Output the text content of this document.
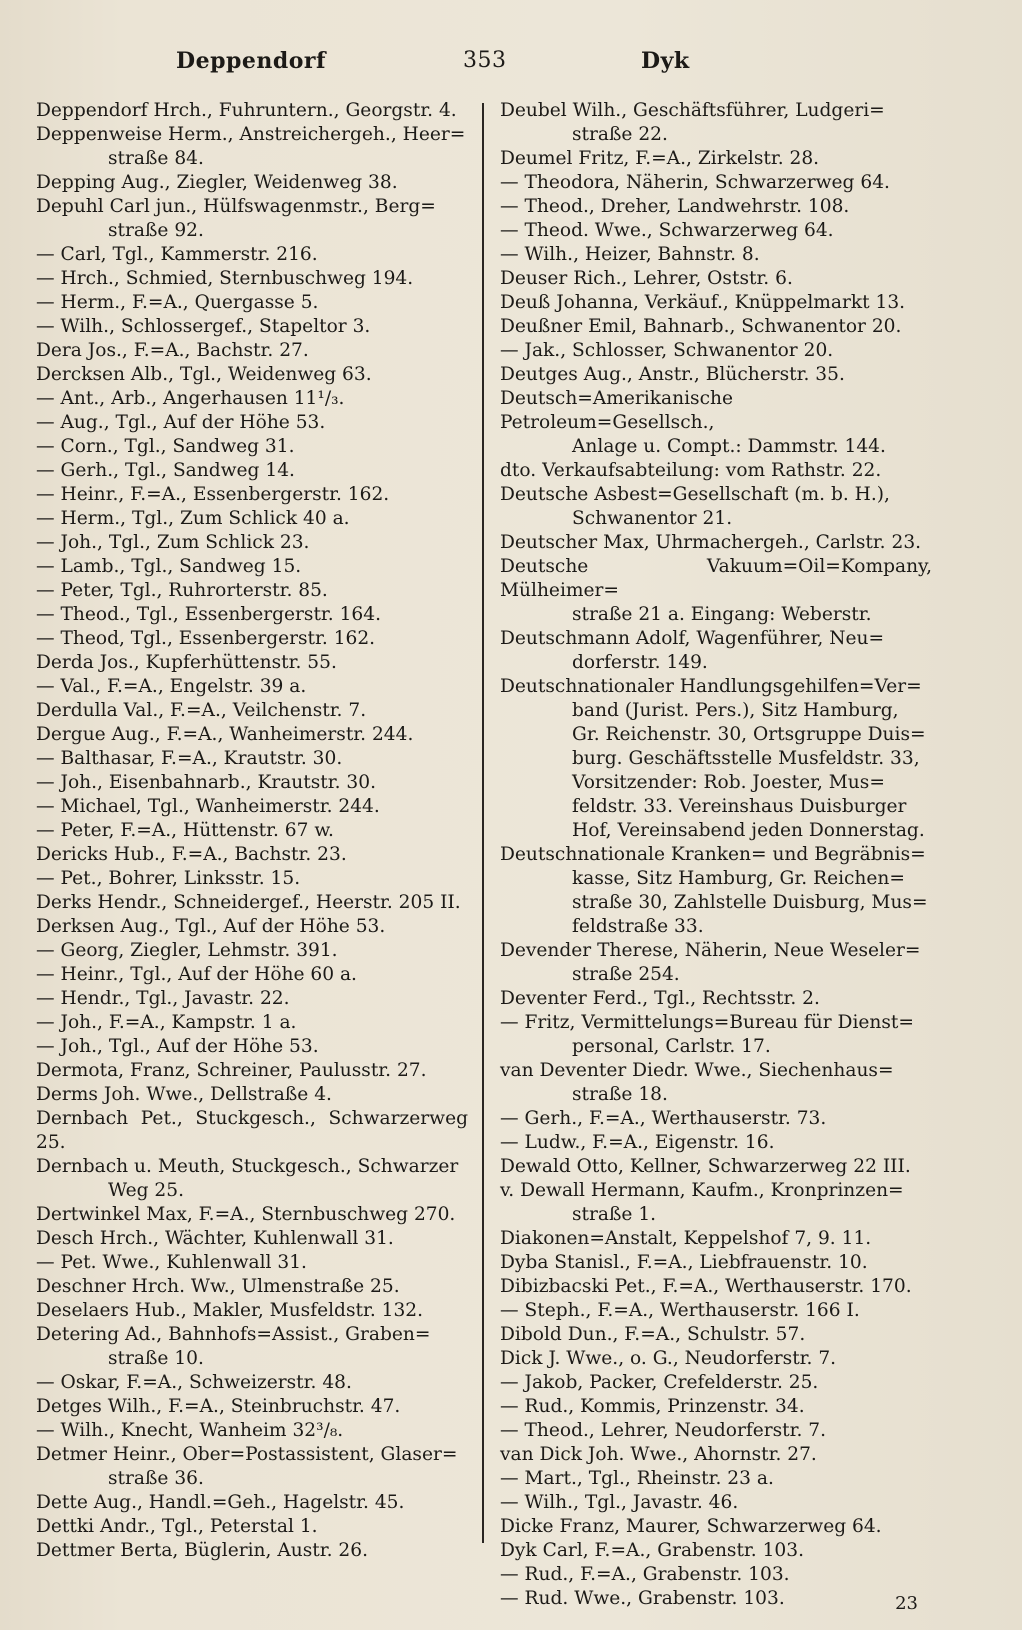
Deppendorf	353	Dyk
Deppendorf Hrch., Fuhruntern., Georgstr. 4.
Deppenweise Herm., Anstreichergeh., Heer=
straße 84.
Depping Aug., Ziegler, Weidenweg 38.
Depuhl Carl jun., Hülfswagenmstr., Berg=
straße 92.
— Carl, Tgl., Kammerstr. 216.
— Hrch., Schmied, Sternbuschweg 194.
— Herm., F.=A., Quergasse 5.
— Wilh., Schlossergef., Stapeltor 3.
Dera Jos., F.=A., Bachstr. 27.
Dercksen Alb., Tgl., Weidenweg 63.
— Ant., Arb., Angerhausen 11¹/₃.
— Aug., Tgl., Auf der Höhe 53.
— Corn., Tgl., Sandweg 31.
— Gerh., Tgl., Sandweg 14.
— Heinr., F.=A., Essenbergerstr. 162.
— Herm., Tgl., Zum Schlick 40 a.
— Joh., Tgl., Zum Schlick 23.
— Lamb., Tgl., Sandweg 15.
— Peter, Tgl., Ruhrorterstr. 85.
— Theod., Tgl., Essenbergerstr. 164.
— Theod, Tgl., Essenbergerstr. 162.
Derda Jos., Kupferhüttenstr. 55.
— Val., F.=A., Engelstr. 39 a.
Derdulla Val., F.=A., Veilchenstr. 7.
Dergue Aug., F.=A., Wanheimerstr. 244.
— Balthasar, F.=A., Krautstr. 30.
— Joh., Eisenbahnarb., Krautstr. 30.
— Michael, Tgl., Wanheimerstr. 244.
— Peter, F.=A., Hüttenstr. 67 w.
Dericks Hub., F.=A., Bachstr. 23.
— Pet., Bohrer, Linksstr. 15.
Derks Hendr., Schneidergef., Heerstr. 205 II.
Derksen Aug., Tgl., Auf der Höhe 53.
— Georg, Ziegler, Lehmstr. 391.
— Heinr., Tgl., Auf der Höhe 60 a.
— Hendr., Tgl., Javastr. 22.
— Joh., F.=A., Kampstr. 1 a.
— Joh., Tgl., Auf der Höhe 53.
Dermota, Franz, Schreiner, Paulusstr. 27.
Derms Joh. Wwe., Dellstraße 4.
Dernbach Pet., Stuckgesch., Schwarzerweg 25.
Dernbach u. Meuth, Stuckgesch., Schwarzer
Weg 25.
Dertwinkel Max, F.=A., Sternbuschweg 270.
Desch Hrch., Wächter, Kuhlenwall 31.
— Pet. Wwe., Kuhlenwall 31.
Deschner Hrch. Ww., Ulmenstraße 25.
Deselaers Hub., Makler, Musfeldstr. 132.
Detering Ad., Bahnhofs=Assist., Graben=
straße 10.
— Oskar, F.=A., Schweizerstr. 48.
Detges Wilh., F.=A., Steinbruchstr. 47.
— Wilh., Knecht, Wanheim 32³/₈.
Detmer Heinr., Ober=Postassistent, Glaser=
straße 36.
Dette Aug., Handl.=Geh., Hagelstr. 45.
Dettki Andr., Tgl., Peterstal 1.
Dettmer Berta, Büglerin, Austr. 26.
Deubel Wilh., Geschäftsführer, Ludgeri=
straße 22.
Deumel Fritz, F.=A., Zirkelstr. 28.
— Theodora, Näherin, Schwarzerweg 64.
— Theod., Dreher, Landwehrstr. 108.
— Theod. Wwe., Schwarzerweg 64.
— Wilh., Heizer, Bahnstr. 8.
Deuser Rich., Lehrer, Oststr. 6.
Deuß Johanna, Verkäuf., Knüppelmarkt 13.
Deußner Emil, Bahnarb., Schwanentor 20.
— Jak., Schlosser, Schwanentor 20.
Deutges Aug., Anstr., Blücherstr. 35.
Deutsch=Amerikanische Petroleum=Gesellsch.,
Anlage u. Compt.: Dammstr. 144.
dto. Verkaufsabteilung: vom Rathstr. 22.
Deutsche Asbest=Gesellschaft (m. b. H.),
Schwanentor 21.
Deutscher Max, Uhrmachergeh., Carlstr. 23.
Deutsche Vakuum=Oil=Kompany, Mülheimer=
straße 21 a. Eingang: Weberstr.
Deutschmann Adolf, Wagenführer, Neu=
dorferstr. 149.
Deutschnationaler Handlungsgehilfen=Ver=
band (Jurist. Pers.), Sitz Hamburg,
Gr. Reichenstr. 30, Ortsgruppe Duis=
burg. Geschäftsstelle Musfeldstr. 33,
Vorsitzender: Rob. Joester, Mus=
feldstr. 33. Vereinshaus Duisburger
Hof, Vereinsabend jeden Donnerstag.
Deutschnationale Kranken= und Begräbnis=
kasse, Sitz Hamburg, Gr. Reichen=
straße 30, Zahlstelle Duisburg, Mus=
feldstraße 33.
Devender Therese, Näherin, Neue Weseler=
straße 254.
Deventer Ferd., Tgl., Rechtsstr. 2.
— Fritz, Vermittelungs=Bureau für Dienst=
personal, Carlstr. 17.
van Deventer Diedr. Wwe., Siechenhaus=
straße 18.
— Gerh., F.=A., Werthauserstr. 73.
— Ludw., F.=A., Eigenstr. 16.
Dewald Otto, Kellner, Schwarzerweg 22 III.
v. Dewall Hermann, Kaufm., Kronprinzen=
straße 1.
Diakonen=Anstalt, Keppelshof 7, 9. 11.
Dyba Stanisl., F.=A., Liebfrauenstr. 10.
Dibizbacski Pet., F.=A., Werthauserstr. 170.
— Steph., F.=A., Werthauserstr. 166 I.
Dibold Dun., F.=A., Schulstr. 57.
Dick J. Wwe., o. G., Neudorferstr. 7.
— Jakob, Packer, Crefelderstr. 25.
— Rud., Kommis, Prinzenstr. 34.
— Theod., Lehrer, Neudorferstr. 7.
van Dick Joh. Wwe., Ahornstr. 27.
— Mart., Tgl., Rheinstr. 23 a.
— Wilh., Tgl., Javastr. 46.
Dicke Franz, Maurer, Schwarzerweg 64.
Dyk Carl, F.=A., Grabenstr. 103.
— Rud., F.=A., Grabenstr. 103.
— Rud. Wwe., Grabenstr. 103.	23
